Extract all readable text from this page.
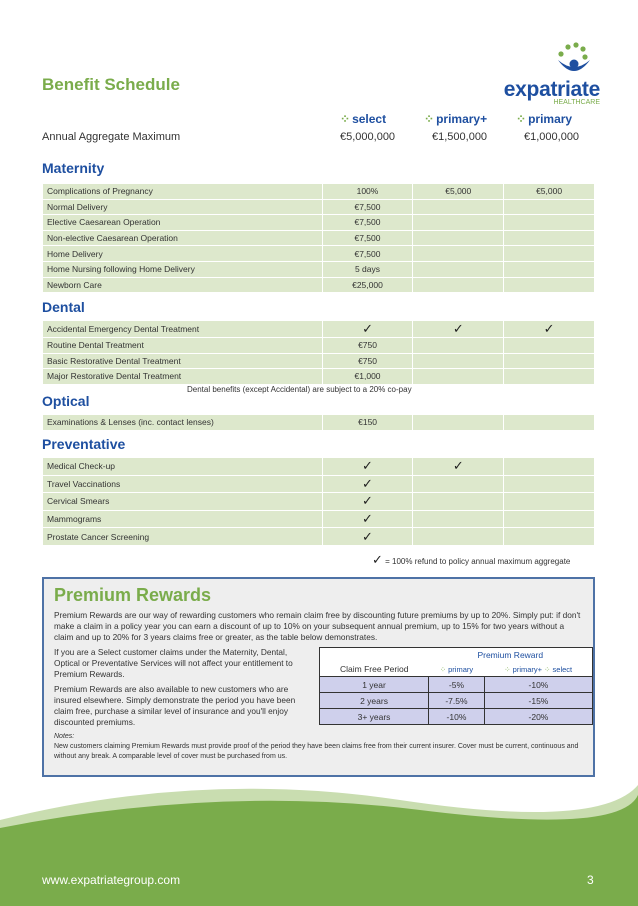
Benefit Schedule	expatriate
HEALTHCARE
⁘ select	⁘ primary+ ⁘ primary
Annual Aggregate Maximum	€5,000,000	€1,500,000	€1,000,000
Maternity
Complications of Pregnancy	100%	€5,000	€5,000
Normal Delivery	€7,500		
Elective Caesarean Operation	€7,500		
Non-elective Caesarean Operation	€7,500		
Home Delivery	€7,500		
Home Nursing following Home Delivery	5 days		
Newborn Care	€25,000		
Dental
Accidental Emergency Dental Treatment	✓	✓	✓
Routine Dental Treatment	€750		
Basic Restorative Dental Treatment	€750		
Major Restorative Dental Treatment	€1,000		
Optical
Examinations & Lenses (inc. contact lenses)	€150		
Preventative
Medical Check-up	✓	✓	
Travel Vaccinations	✓		
Cervical Smears	✓		
Mammograms	✓		
Prostate Cancer Screening	✓		
Dental benefits (except Accidental) are subject to a 20% co-pay
✓ = 100% refund to policy annual maximum aggregate
Premium Rewards

Premium Rewards are our way of rewarding customers who remain claim free by discounting future premiums by up to 20%. Simply put: if don't make a claim in a policy year you can earn a discount of up to 10% on your subsequent annual premium, up to 15% for two years without a claim and up to 20% for 3 years claims free or greater, as the table below demonstrates.

If you are a Select customer claims under the Maternity, Dental, Optical or Preventative Services will not affect your entitlement to Premium Rewards.

Premium Rewards are also available to new customers who are insured elsewhere. Simply demonstrate the period you have been claim free, purchase a similar level of insurance and you'll enjoy discounted premiums.

	Premium Reward	
Claim Free Period	⁘ primary	⁘ primary+ ⁘ select
1 year	-5%	-10%
2 years	-7.5%	-15%
3+ years	-10%	-20%

Notes:

New customers claiming Premium Rewards must provide proof of the period they have been claims free from their current insurer. Cover must be current, continuous and without any break. A comparable level of cover must be purchased from us.

www.expatriategroup.com	3
